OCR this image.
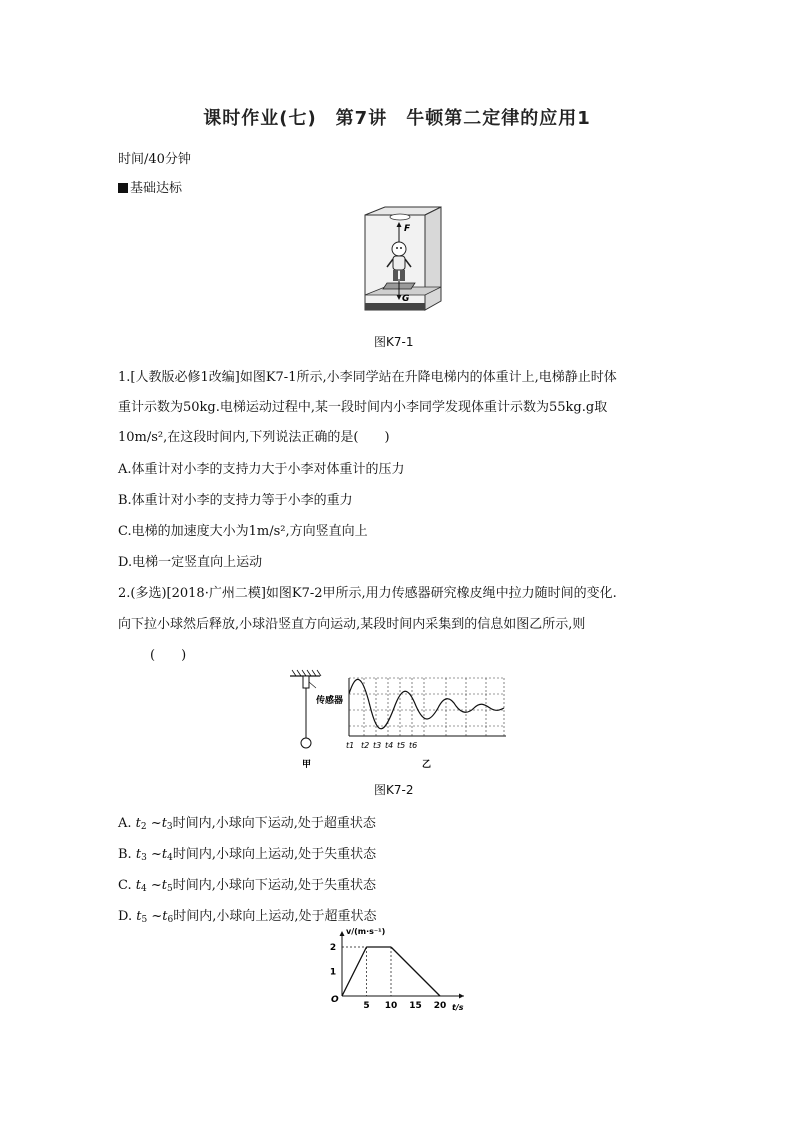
课时作业(七)　第7讲　牛顿第二定律的应用1
时间/40分钟
基础达标
F
G
图K7-1
1.[人教版必修1改编]如图K7-1所示,小李同学站在升降电梯内的体重计上,电梯静止时体
重计示数为50kg.电梯运动过程中,某一段时间内小李同学发现体重计示数为55kg.g取
10m/s²,在这段时间内,下列说法正确的是(　　)
A.体重计对小李的支持力大于小李对体重计的压力
B.体重计对小李的支持力等于小李的重力
C.电梯的加速度大小为1m/s²,方向竖直向上
D.电梯一定竖直向上运动
2.(多选)[2018·广州二模]如图K7-2甲所示,用力传感器研究橡皮绳中拉力随时间的变化.
向下拉小球然后释放,小球沿竖直方向运动,某段时间内采集到的信息如图乙所示,则
(　　)
传感器
甲
t1 t2 t3 t4 t5 t6
乙
图K7-2
A. $t_2$ $\sim t_3$时间内,小球向下运动,处于超重状态
B. $t_3$ $\sim t_4$时间内,小球向上运动,处于失重状态
C. $t_4$ $\sim t_5$时间内,小球向下运动,处于失重状态
D. $t_5$ $\sim t_6$时间内,小球向上运动,处于超重状态
v/(m·s⁻¹)
t/s
O
5 10 15 20
2
1
